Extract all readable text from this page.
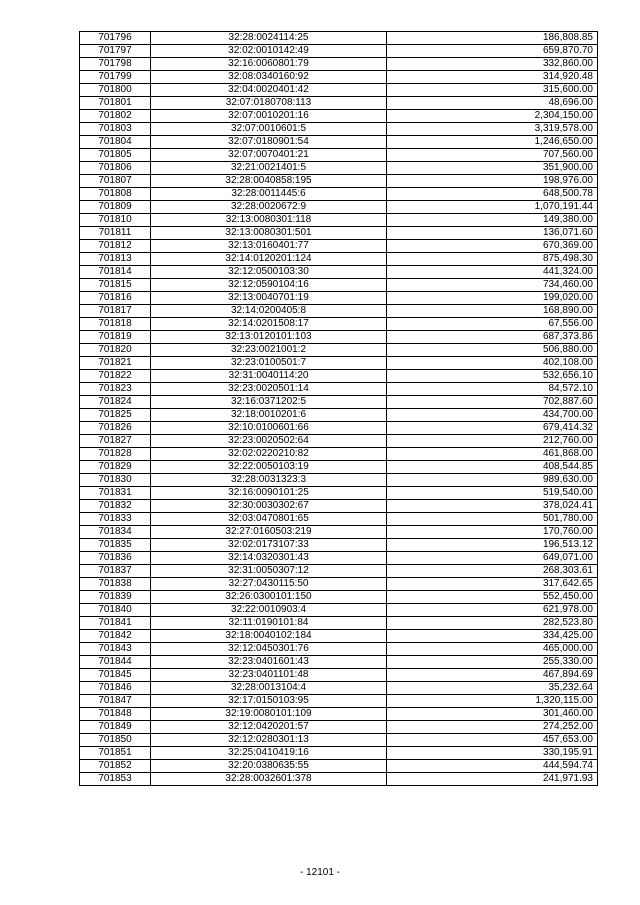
701796	32:28:0024114:25	186,808.85
701797	32:02:0010142:49	659,870.70
701798	32:16:0060801:79	332,860.00
701799	32:08:0340160:92	314,920.48
701800	32:04:0020401:42	315,600.00
701801	32:07:0180708:113	48,696.00
701802	32:07:0010201:16	2,304,150.00
701803	32:07:0010601:5	3,319,578.00
701804	32:07:0180901:54	1,246,650.00
701805	32:07:0070401:21	707,560.00
701806	32:21:0021401:5	351,900.00
701807	32:28:0040858:195	198,976.00
701808	32:28:0011445:6	648,500.78
701809	32:28:0020672:9	1,070,191.44
701810	32:13:0080301:118	149,380.00
701811	32:13:0080301:501	136,071.60
701812	32:13:0160401:77	670,369.00
701813	32:14:0120201:124	875,498.30
701814	32:12:0500103:30	441,324.00
701815	32:12:0590104:16	734,460.00
701816	32:13:0040701:19	199,020.00
701817	32:14:0200405:8	168,890.00
701818	32:14:0201508:17	67,556.00
701819	32:13:0120101:103	687,373.86
701820	32:23:0021001:2	506,880.00
701821	32:23:0100501:7	402,108.00
701822	32:31:0040114:20	532,656.10
701823	32:23:0020501:14	84,572.10
701824	32:16:0371202:5	702,887.60
701825	32:18:0010201:6	434,700.00
701826	32:10:0100601:66	679,414.32
701827	32:23:0020502:64	212,760.00
701828	32:02:0220210:82	461,868.00
701829	32:22:0050103:19	408,544.85
701830	32:28:0031323:3	989,630.00
701831	32:16:0090101:25	519,540.00
701832	32:30:0030302:67	378,024.41
701833	32:03:0470801:65	501,780.00
701834	32:27:0160503:219	170,760.00
701835	32:02:0173107:33	196,513.12
701836	32:14:0320301:43	649,071.00
701837	32:31:0050307:12	268,303.61
701838	32:27:0430115:50	317,642.65
701839	32:26:0300101:150	552,450.00
701840	32:22:0010903:4	621,978.00
701841	32:11:0190101:84	282,523.80
701842	32:18:0040102:184	334,425.00
701843	32:12:0450301:76	465,000.00
701844	32:23:0401601:43	255,330.00
701845	32:23:0401101:48	467,894.69
701846	32:28:0013104:4	35,232.64
701847	32:17:0150103:95	1,320,115.00
701848	32:19:0080101:109	301,460.00
701849	32:12:0420201:57	274,252.00
701850	32:12:0280301:13	457,653.00
701851	32:25:0410419:16	330,195.91
701852	32:20:0380635:55	444,594.74
701853	32:28:0032601:378	241,971.93
- 12101 -
